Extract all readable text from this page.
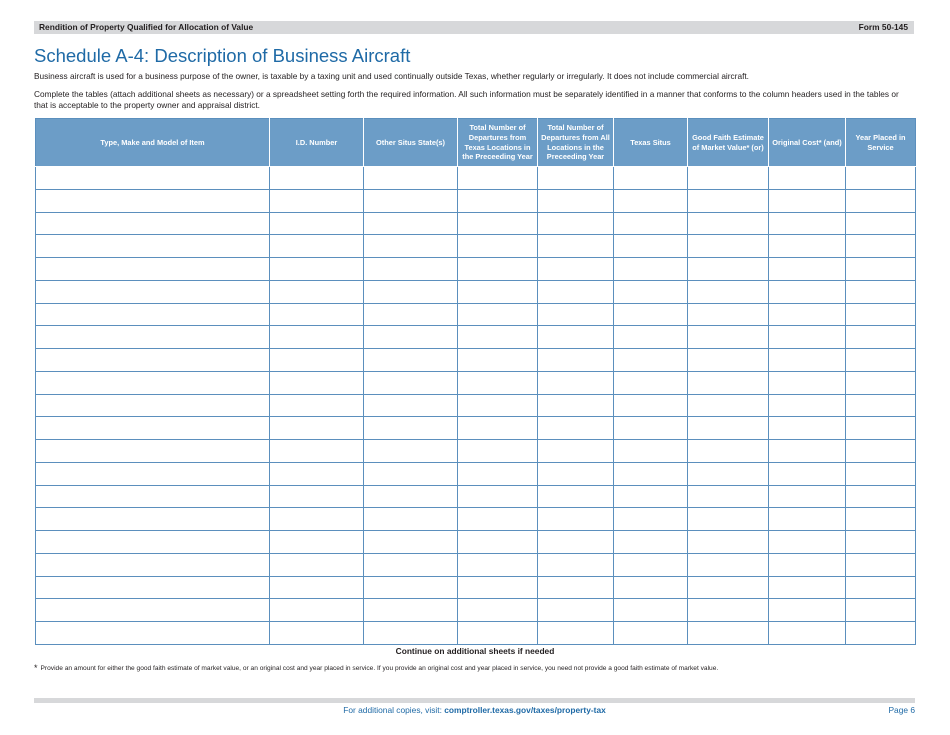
Rendition of Property Qualified for Allocation of Value	Form 50-145
Schedule A-4: Description of Business Aircraft

Business aircraft is used for a business purpose of the owner, is taxable by a taxing unit and used continually outside Texas, whether regularly or irregularly. It does not include commercial aircraft.

Complete the tables (attach additional sheets as necessary) or a spreadsheet setting forth the required information. All such information must be separately identified in a manner that conforms to the column headers used in the tables or that is acceptable to the property owner and appraisal district.

Type, Make and Model of Item	I.D. Number	Other Situs State(s)	Total Number of Departures from Texas Locations in the Preceeding Year	Total Number of Departures from All Locations in the Preceeding Year	Texas Situs	Good Faith Estimate of Market Value* (or)	Original Cost* (and)	Year Placed in Service

Continue on additional sheets if needed

* Provide an amount for either the good faith estimate of market value, or an original cost and year placed in service. If you provide an original cost and year placed in service, you need not provide a good faith estimate of market value.

For additional copies, visit: comptroller.texas.gov/taxes/property-tax	Page 6
